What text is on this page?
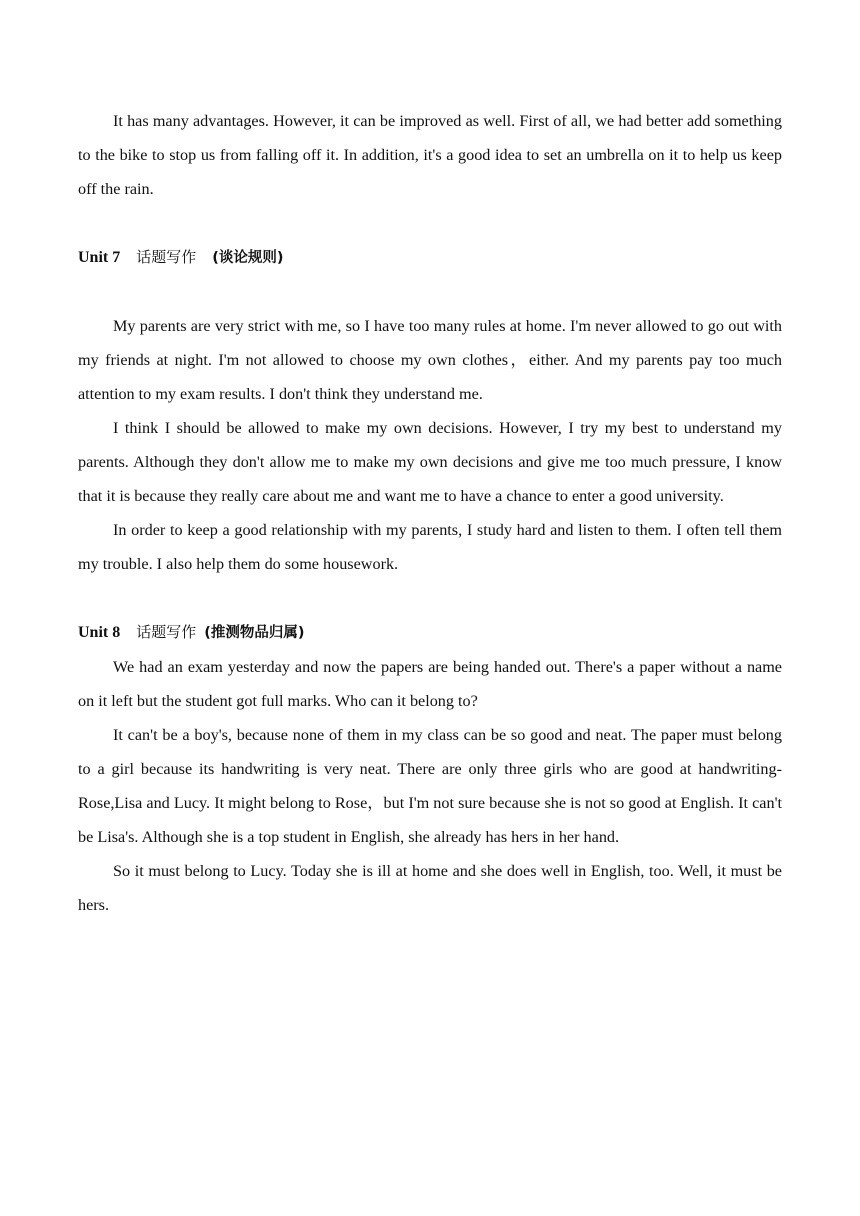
It has many advantages. However, it can be improved as well. First of all, we had better add something to the bike to stop us from falling off it. In addition, it's a good idea to set an umbrella on it to help us keep off the rain.

Unit 7 话题写作 (谈论规则)

My parents are very strict with me, so I have too many rules at home. I'm never allowed to go out with my friends at night. I'm not allowed to choose my own clothes，either. And my parents pay too much attention to my exam results. I don't think they understand me.

I think I should be allowed to make my own decisions. However, I try my best to understand my parents. Although they don't allow me to make my own decisions and give me too much pressure, I know that it is because they really care about me and want me to have a chance to enter a good university.

In order to keep a good relationship with my parents, I study hard and listen to them. I often tell them my trouble. I also help them do some housework.

Unit 8 话题写作 (推测物品归属)

We had an exam yesterday and now the papers are being handed out. There's a paper without a name on it left but the student got full marks. Who can it belong to?

It can't be a boy's, because none of them in my class can be so good and neat. The paper must belong to a girl because its handwriting is very neat. There are only three girls who are good at handwriting-Rose,Lisa and Lucy. It might belong to Rose，but I'm not sure because she is not so good at English. It can't be Lisa's. Although she is a top student in English, she already has hers in her hand.

So it must belong to Lucy. Today she is ill at home and she does well in English, too. Well, it must be hers.
